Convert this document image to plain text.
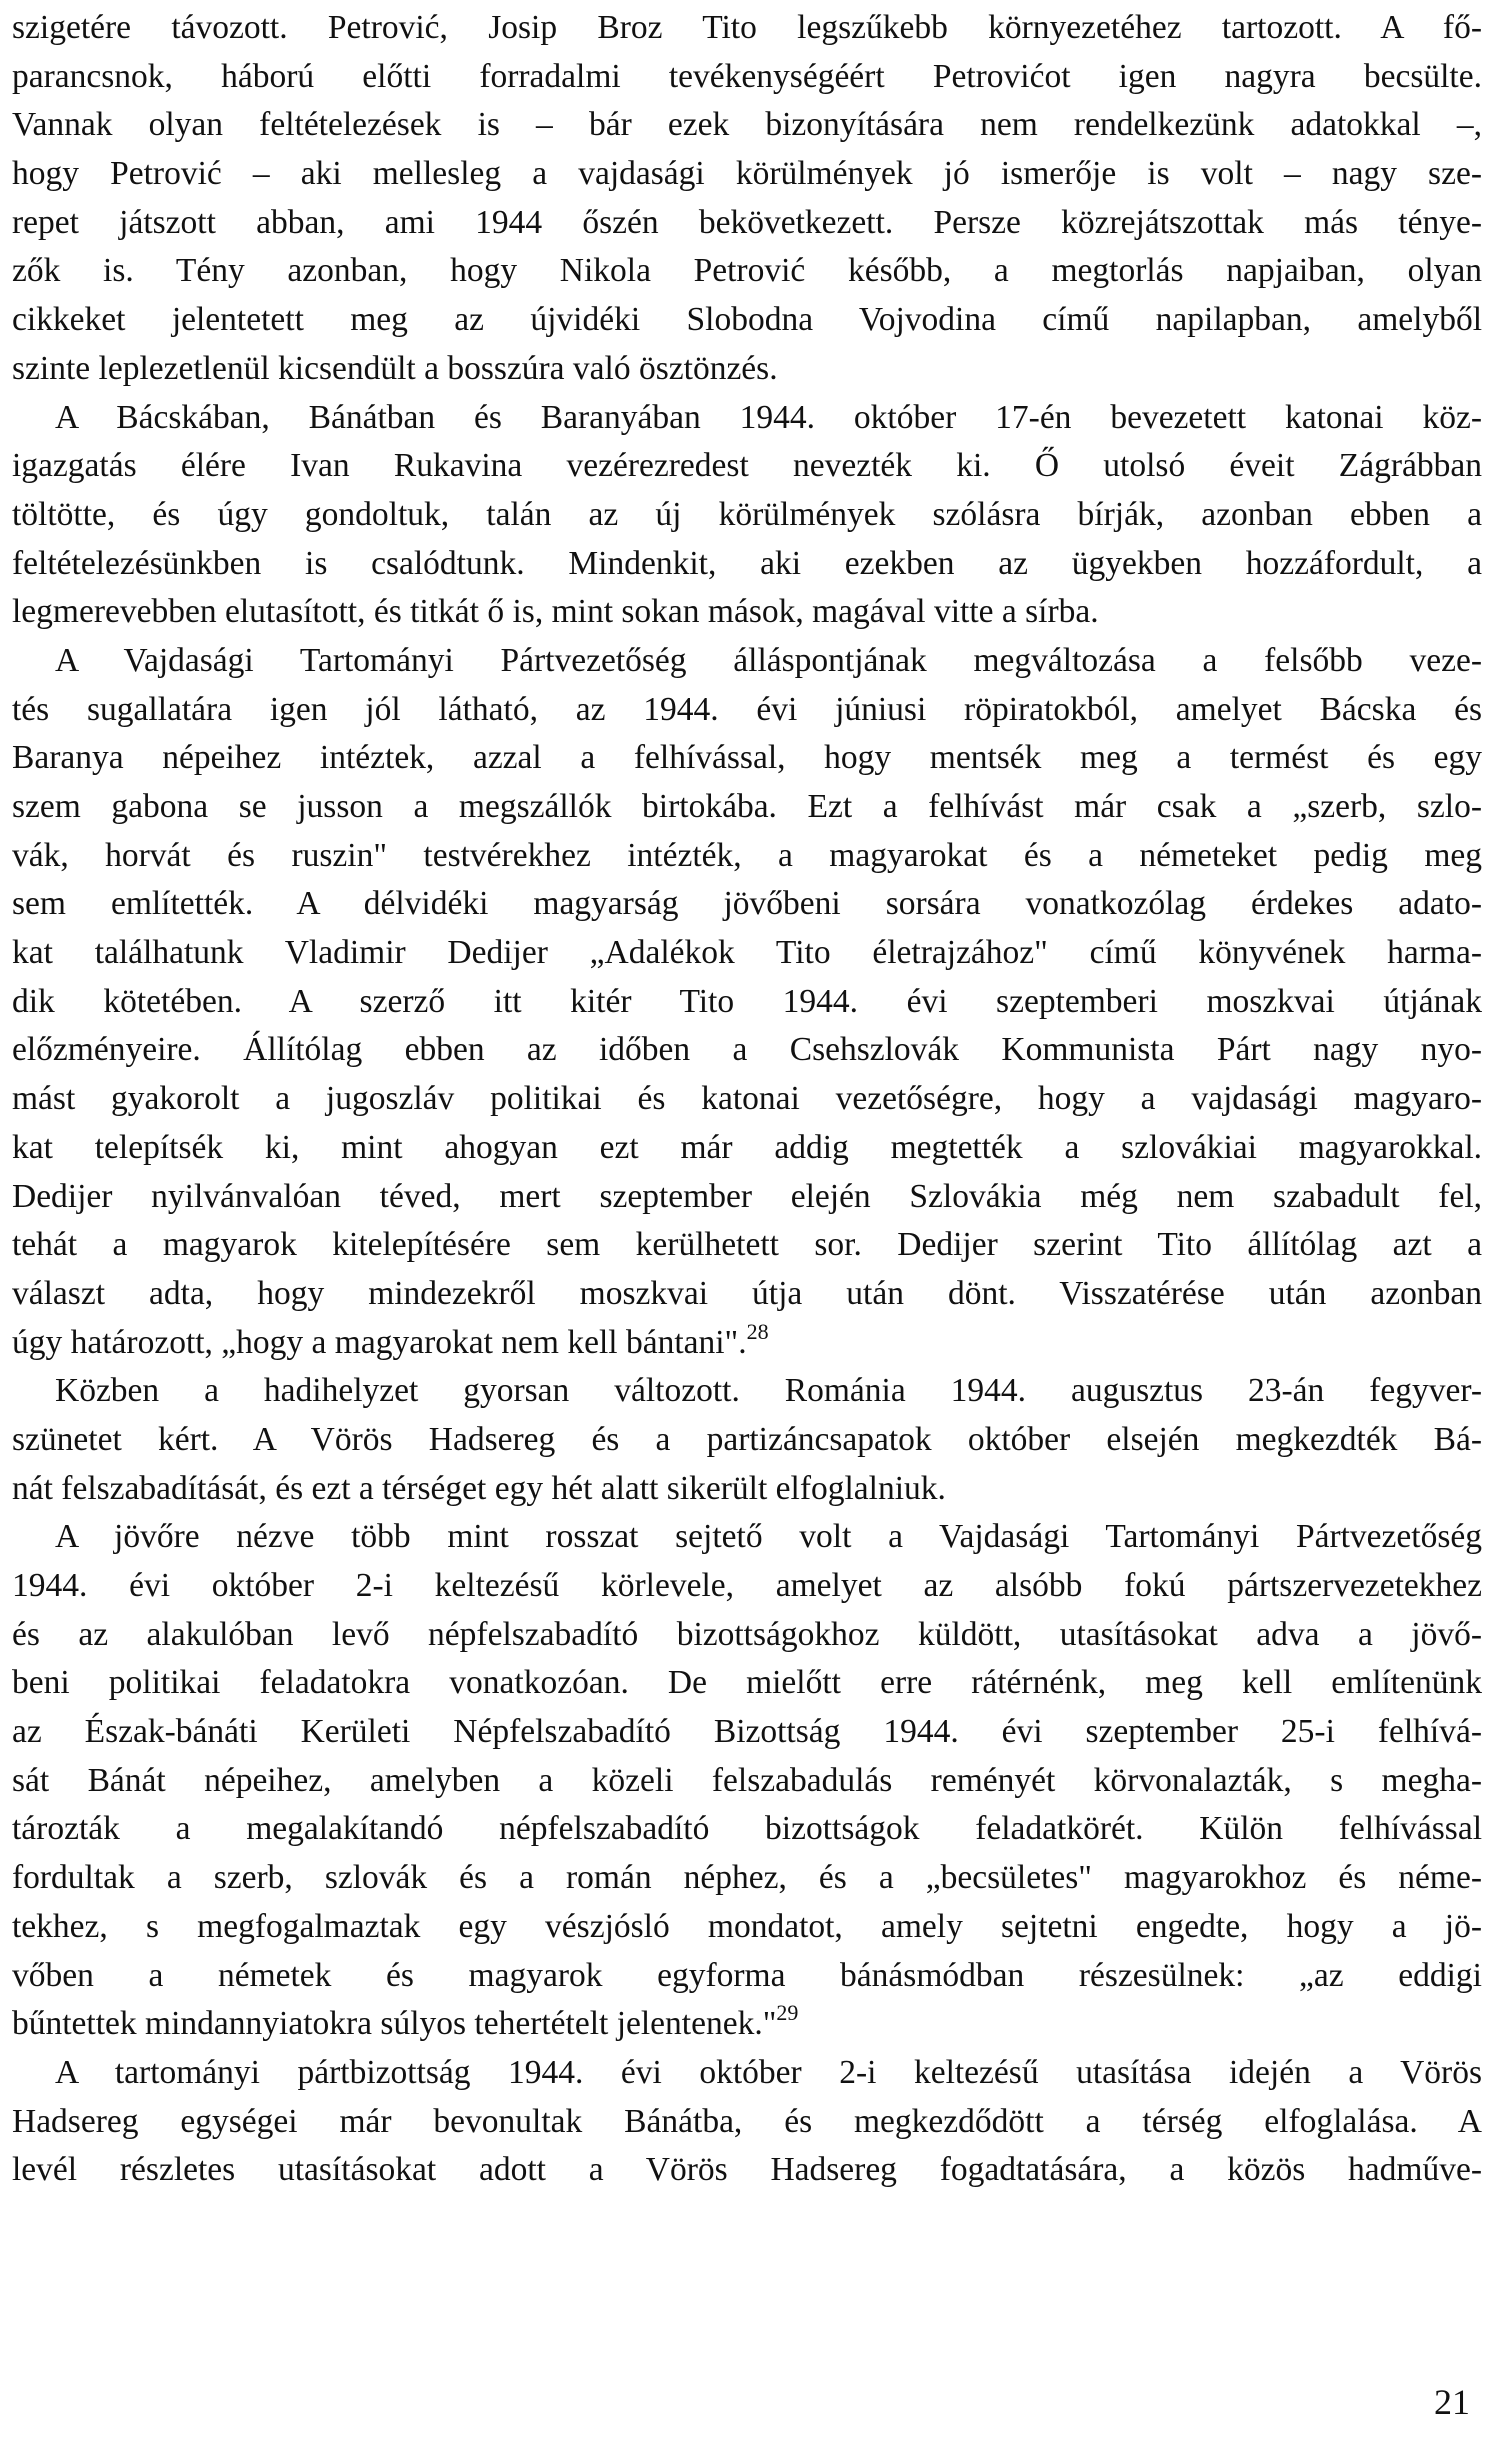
szigetére távozott. Petrović, Josip Broz Tito legszűkebb környezetéhez tartozott. A fő-
parancsnok, háború előtti forradalmi tevékenységéért Petrovićot igen nagyra becsülte.
Vannak olyan feltételezések is – bár ezek bizonyítására nem rendelkezünk adatokkal –,
hogy Petrović – aki mellesleg a vajdasági körülmények jó ismerője is volt – nagy sze-
repet játszott abban, ami 1944 őszén bekövetkezett. Persze közrejátszottak más ténye-
zők is. Tény azonban, hogy Nikola Petrović később, a megtorlás napjaiban, olyan
cikkeket jelentetett meg az újvidéki Slobodna Vojvodina című napilapban, amelyből
szinte leplezetlenül kicsendült a bosszúra való ösztönzés.
A Bácskában, Bánátban és Baranyában 1944. október 17-én bevezetett katonai köz-
igazgatás élére Ivan Rukavina vezérezredest nevezték ki. Ő utolsó éveit Zágrábban
töltötte, és úgy gondoltuk, talán az új körülmények szólásra bírják, azonban ebben a
feltételezésünkben is csalódtunk. Mindenkit, aki ezekben az ügyekben hozzáfordult, a
legmerevebben elutasított, és titkát ő is, mint sokan mások, magával vitte a sírba.
A Vajdasági Tartományi Pártvezetőség álláspontjának megváltozása a felsőbb veze-
tés sugallatára igen jól látható, az 1944. évi júniusi röpiratokból, amelyet Bácska és
Baranya népeihez intéztek, azzal a felhívással, hogy mentsék meg a termést és egy
szem gabona se jusson a megszállók birtokába. Ezt a felhívást már csak a „szerb, szlo-
vák, horvát és ruszin" testvérekhez intézték, a magyarokat és a németeket pedig meg
sem említették. A délvidéki magyarság jövőbeni sorsára vonatkozólag érdekes adato-
kat találhatunk Vladimir Dedijer „Adalékok Tito életrajzához" című könyvének harma-
dik kötetében. A szerző itt kitér Tito 1944. évi szeptemberi moszkvai útjának
előzményeire. Állítólag ebben az időben a Csehszlovák Kommunista Párt nagy nyo-
mást gyakorolt a jugoszláv politikai és katonai vezetőségre, hogy a vajdasági magyaro-
kat telepítsék ki, mint ahogyan ezt már addig megtették a szlovákiai magyarokkal.
Dedijer nyilvánvalóan téved, mert szeptember elején Szlovákia még nem szabadult fel,
tehát a magyarok kitelepítésére sem kerülhetett sor. Dedijer szerint Tito állítólag azt a
választ adta, hogy mindezekről moszkvai útja után dönt. Visszatérése után azonban
úgy határozott, „hogy a magyarokat nem kell bántani".$^{28}$
Közben a hadihelyzet gyorsan változott. Románia 1944. augusztus 23-án fegyver-
szünetet kért. A Vörös Hadsereg és a partizáncsapatok október elsején megkezdték Bá-
nát felszabadítását, és ezt a térséget egy hét alatt sikerült elfoglalniuk.
A jövőre nézve több mint rosszat sejtető volt a Vajdasági Tartományi Pártvezetőség
1944. évi október 2-i keltezésű körlevele, amelyet az alsóbb fokú pártszervezetekhez
és az alakulóban levő népfelszabadító bizottságokhoz küldött, utasításokat adva a jövő-
beni politikai feladatokra vonatkozóan. De mielőtt erre rátérnénk, meg kell említenünk
az Észak-bánáti Kerületi Népfelszabadító Bizottság 1944. évi szeptember 25-i felhívá-
sát Bánát népeihez, amelyben a közeli felszabadulás reményét körvonalazták, s megha-
tározták a megalakítandó népfelszabadító bizottságok feladatkörét. Külön felhívással
fordultak a szerb, szlovák és a román néphez, és a „becsületes" magyarokhoz és néme-
tekhez, s megfogalmaztak egy vészjósló mondatot, amely sejtetni engedte, hogy a jö-
vőben a németek és magyarok egyforma bánásmódban részesülnek: „az eddigi
bűntettek mindannyiatokra súlyos tehertételt jelentenek."$^{29}$
A tartományi pártbizottság 1944. évi október 2-i keltezésű utasítása idején a Vörös
Hadsereg egységei már bevonultak Bánátba, és megkezdődött a térség elfoglalása. A
levél részletes utasításokat adott a Vörös Hadsereg fogadtatására, a közös hadműve-
21
